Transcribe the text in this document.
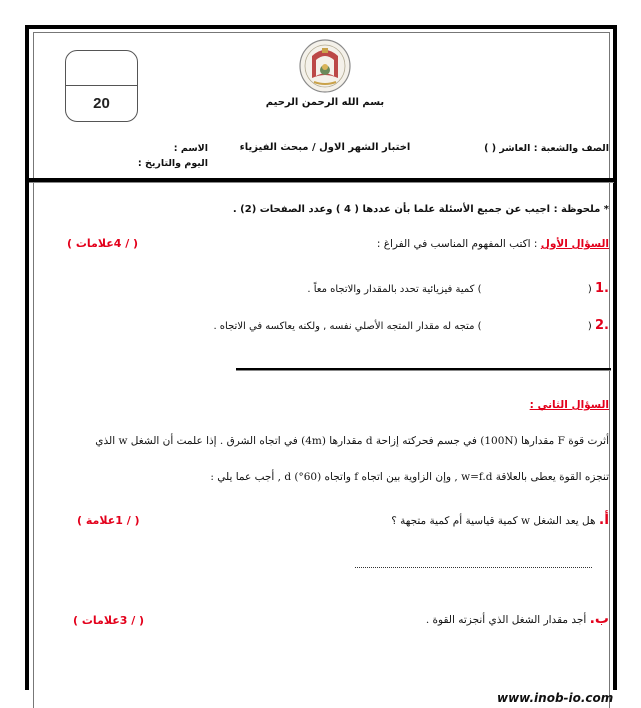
20	بسم الله الرحمن الرحيم
اختبار الشهر الاول / مبحث الفيزياء	الصف والشعبة : العاشر ( )
الاسم :
اليوم والتاريخ :
* ملحوظة : اجيب عن جميع الأسئلة علما بأن عددها ( 4 ) وعدد الصفحات (2) .
السؤال الأول : اكتب المفهوم المناسب في الفراغ :
( / 4علامات )
.1 (  ) كمية فيزيائية تحدد بالمقدار والاتجاه معاً .
.2 (  ) متجه له مقدار المتجه الأصلي نفسه , ولكنه يعاكسه في الاتجاه .
السؤال الثاني :
أثرت قوة F مقدارها (100N) في جسم فحركته إزاحة d مقدارها (4m) في اتجاه الشرق . إذا علمت أن الشغل w الذي
تنجزه القوة يعطى بالعلاقة w=f.d , وإن الزاوية بين اتجاه f واتجاه d (°60) , أجب عما يلي :
أ. هل يعد الشغل w كمية قياسية أم كمية متجهة ؟
( / 1علامة )
ب. أجد مقدار الشغل الذي أنجزته القوة .
( / 3علامات )
www.inob-io.com
